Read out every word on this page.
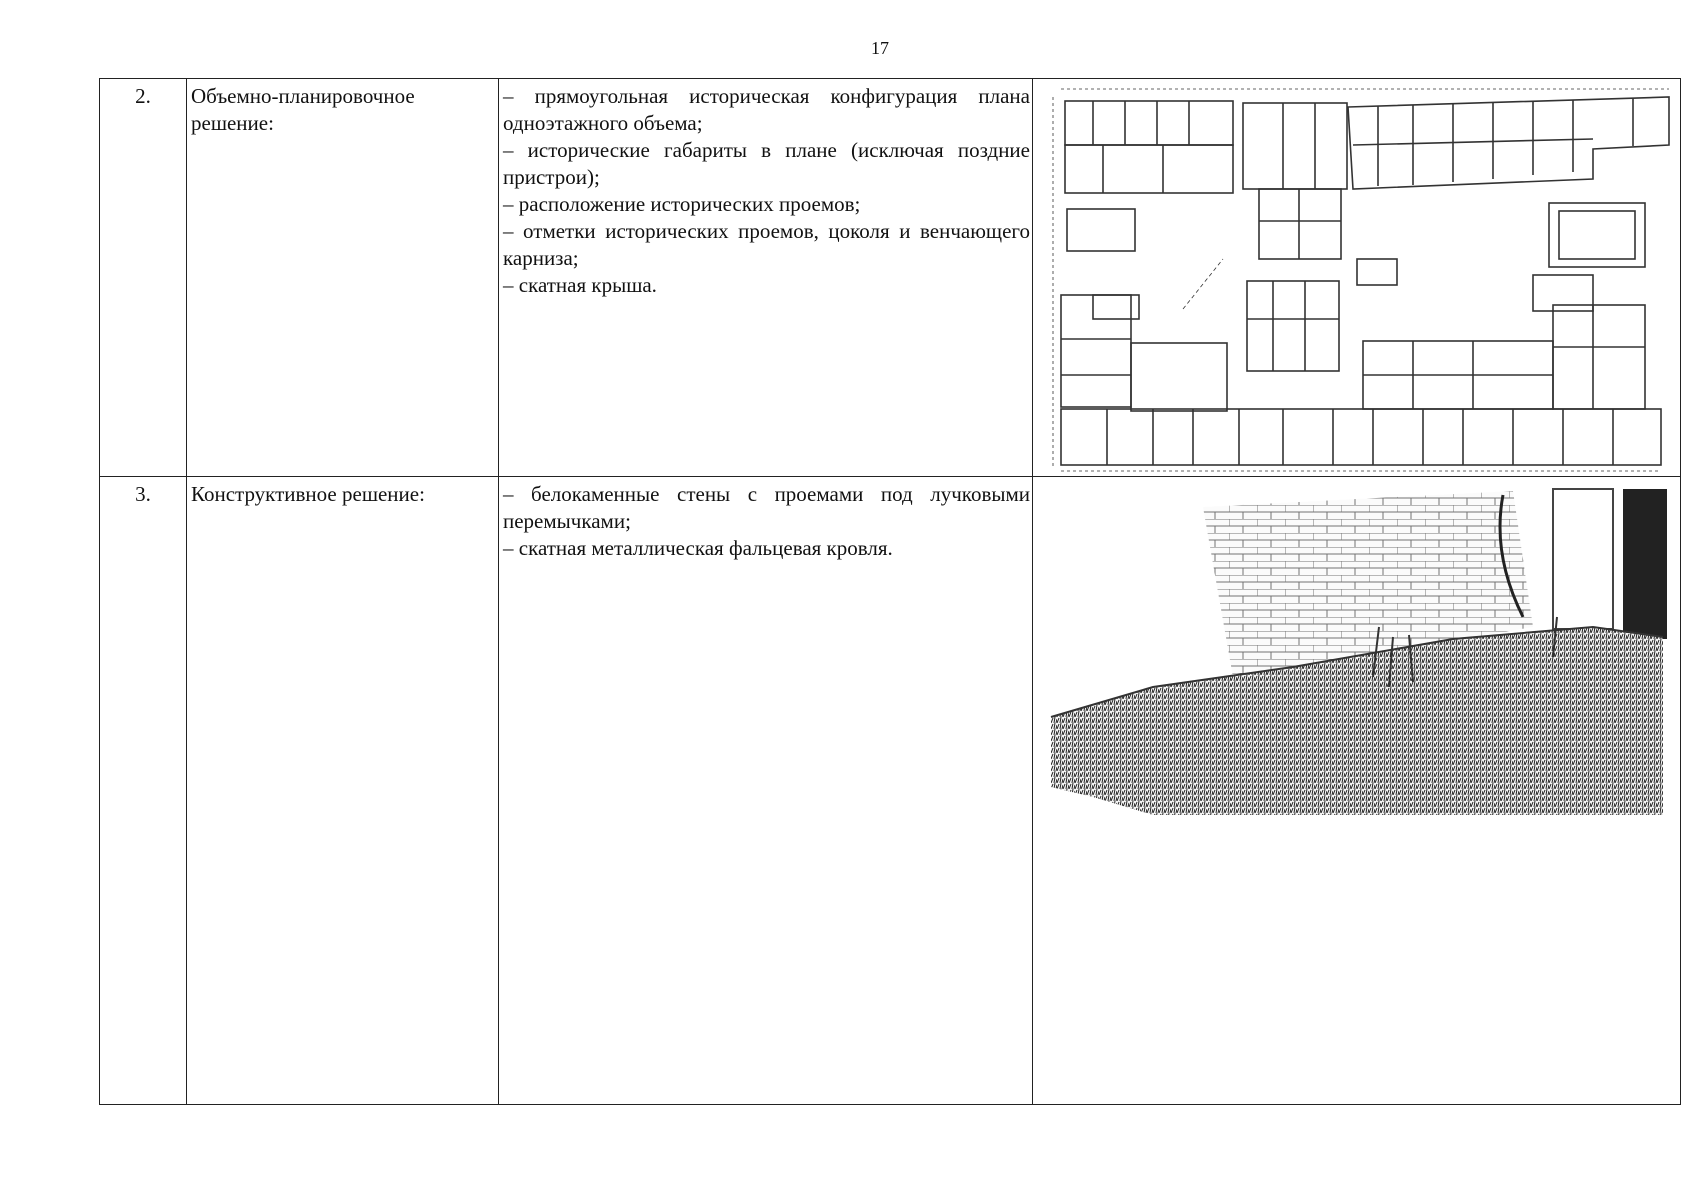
17
2.	Объемно-планировочное решение:	– прямоугольная историческая конфигурация плана одноэтажного объема;
– исторические габариты в плане (исключая поздние пристрои);
– расположение исторических проемов;
– отметки исторических проемов, цоколя и венчающего карниза;
– скатная крыша.

3.	Конструктивное решение:	– белокаменные стены с проемами под лучковыми перемычками;
– скатная металлическая фальцевая кровля.
